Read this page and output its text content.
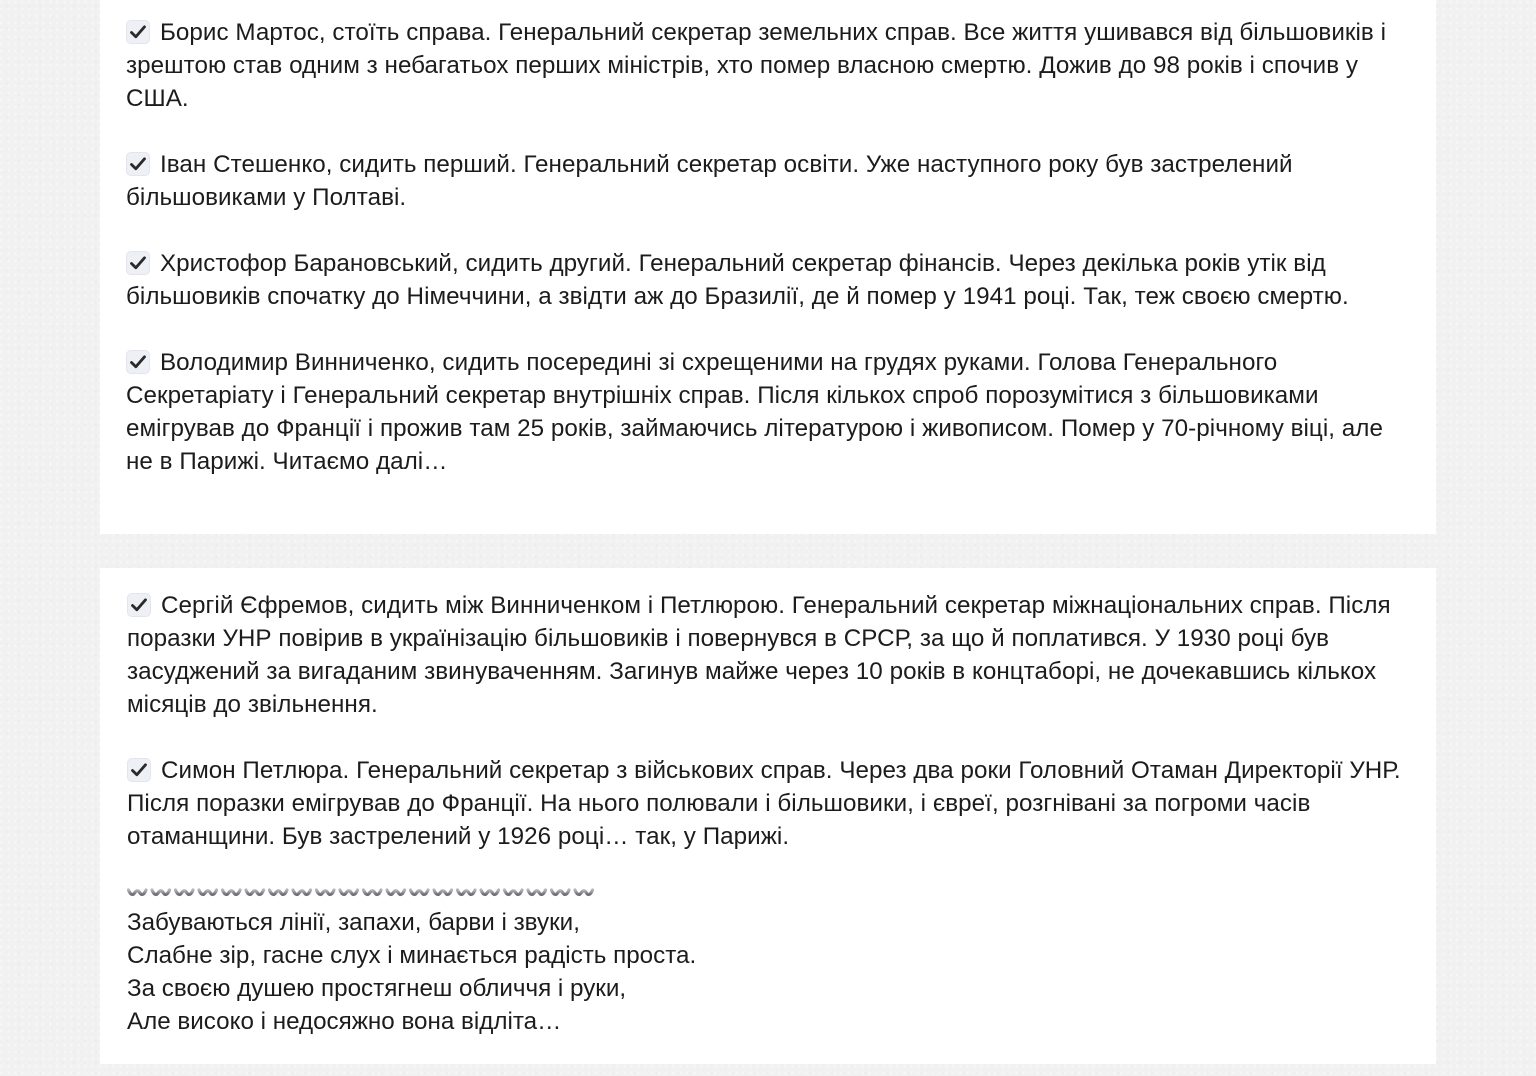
Борис Мартос, стоїть справа. Генеральний секретар земельних справ. Все життя ушивався від більшовиків і зрештою став одним з небагатьох перших міністрів, хто помер власною смертю. Дожив до 98 років і спочив у США.

Іван Стешенко, сидить перший. Генеральний секретар освіти. Уже наступного року був застрелений більшовиками у Полтаві.

Христофор Барановський, сидить другий. Генеральний секретар фінансів. Через декілька років утік від більшовиків спочатку до Німеччини, а звідти аж до Бразилії, де й помер у 1941 році. Так, теж своєю смертю.

Володимир Винниченко, сидить посередині зі схрещеними на грудях руками. Голова Генерального Секретаріату і Генеральний секретар внутрішніх справ. Після кількох спроб порозумітися з більшовиками емігрував до Франції і прожив там 25 років, займаючись літературою і живописом. Помер у 70-річному віці, але не в Парижі. Читаємо далі…

Сергій Єфремов, сидить між Винниченком і Петлюрою. Генеральний секретар міжнаціональних справ. Після поразки УНР повірив в українізацію більшовиків і повернувся в СРСР, за що й поплатився. У 1930 році був засуджений за вигаданим звинуваченням. Загинув майже через 10 років в концтаборі, не дочекавшись кількох місяців до звільнення.

Симон Петлюра. Генеральний секретар з військових справ. Через два роки Головний Отаман Директорії УНР. Після поразки емігрував до Франції. На нього полювали і більшовики, і євреї, розгнівані за погроми часів отаманщини. Був застрелений у 1926 році… так, у Парижі.

Забуваються лінії, запахи, барви і звуки,

Слабне зір, гасне слух і минається радість проста.

За своєю душею простягнеш обличчя і руки,

Але високо і недосяжно вона відліта…
